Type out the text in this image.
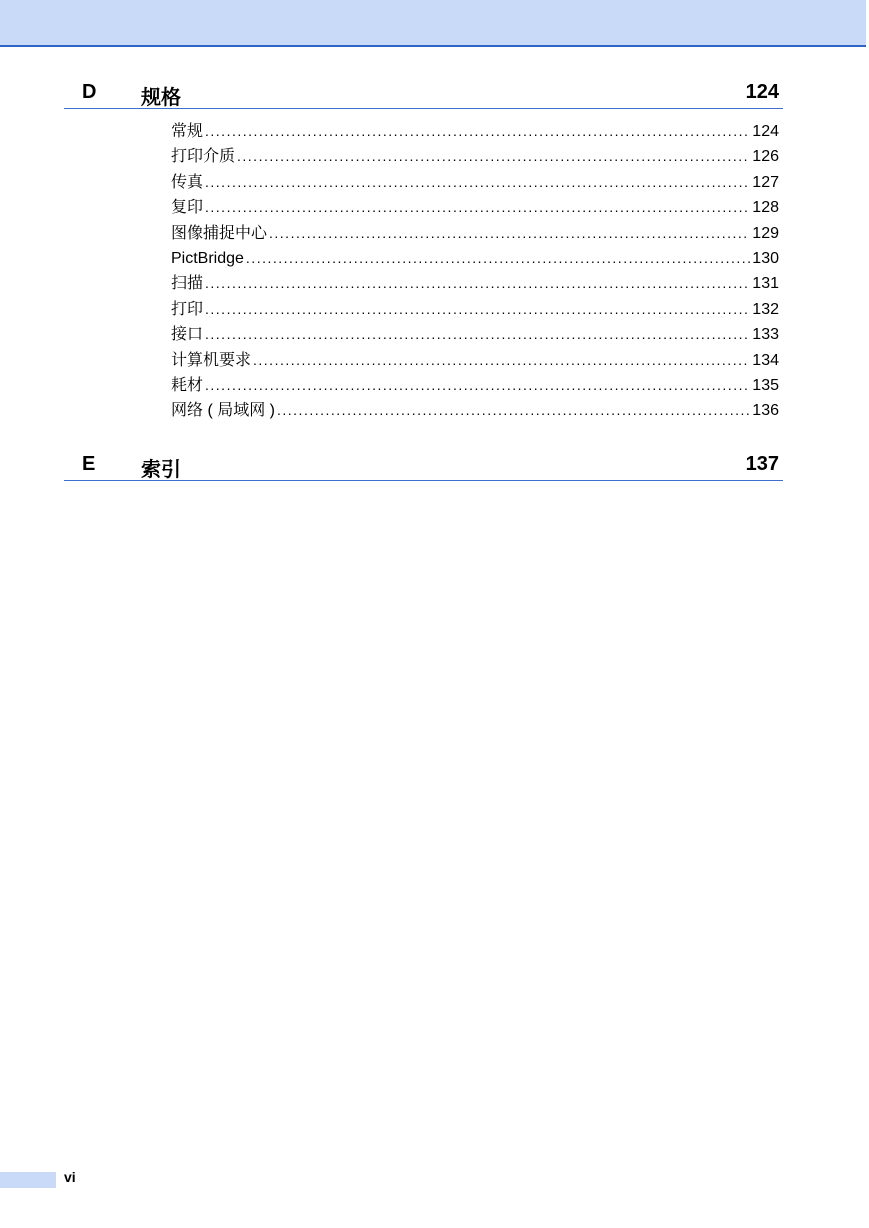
D 规格	124
常规 .....	124
打印介质 .....	126
传真 .....	127
复印 .....	128
图像捕捉中心 .....	129
PictBridge .....	130
扫描 .....	131
打印 .....	132
接口 .....	133
计算机要求 .....	134
耗材 .....	135
网络 ( 局域网 ) .....	136
E 索引	137
vi
